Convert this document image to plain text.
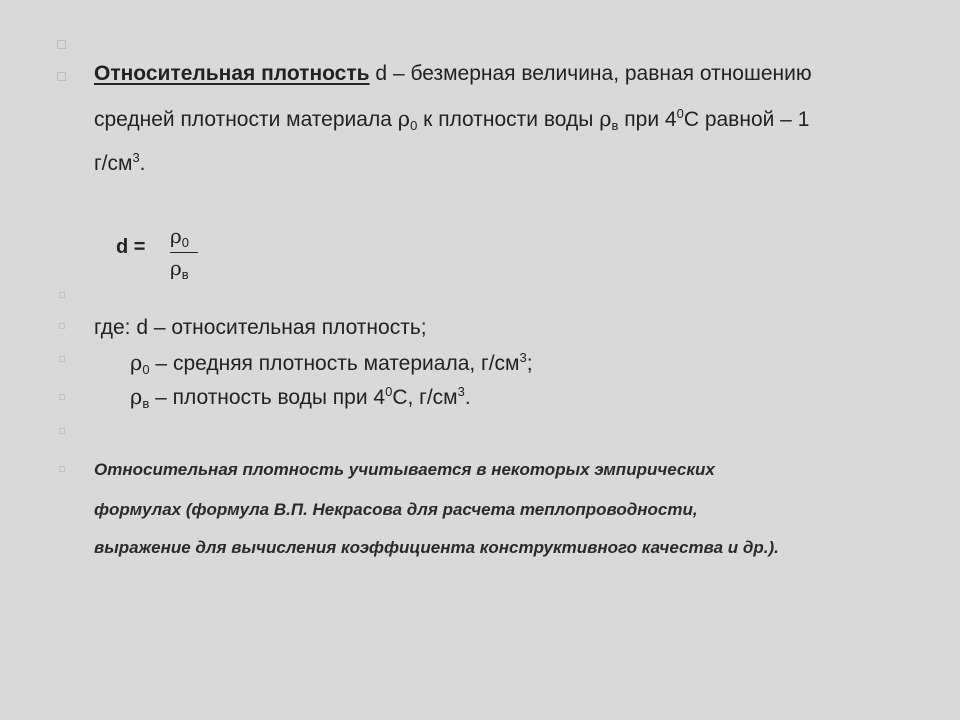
Относительная плотность d – безмерная величина, равная отношению
средней плотности материала $\rho_0$ к плотности воды $\rho_в$ при $4^0С$ равной – 1
$г/см^3$.
$d = \rho_0$
$\rho_в$
где: d – относительная плотность;
$\rho_0$ – средняя плотность материала, $г/см^3$;
$\rho_в$ – плотность воды при $4^0С$, $г/см^3$.
Относительная плотность учитывается в некоторых эмпирических
формулах (формула В.П. Некрасова для расчета теплопроводности,
выражение для вычисления коэффициента конструктивного качества и др.).
